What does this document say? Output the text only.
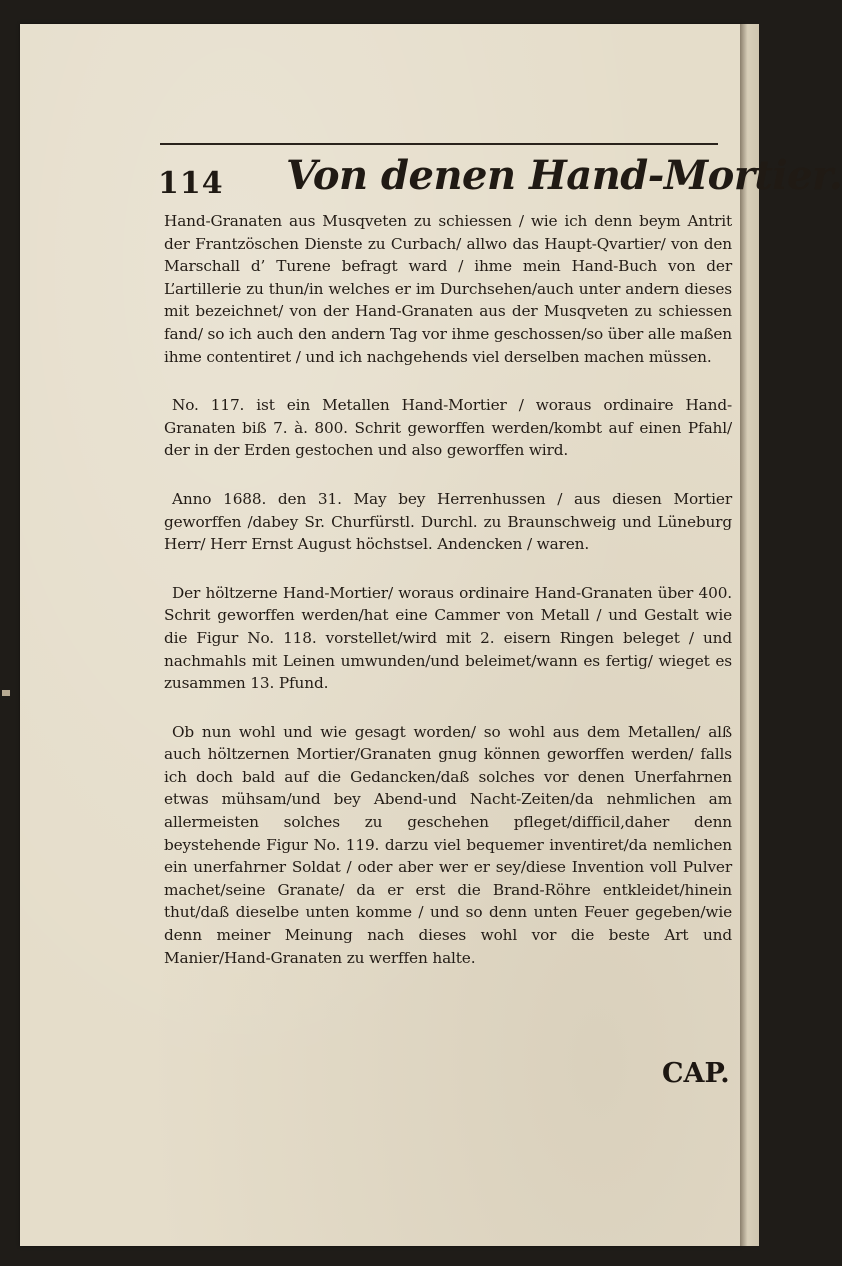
114 Von denen Hand-Mortier.

Hand-Granaten aus Musqveten zu schiessen / wie ich denn beym Antrit der Frantzöschen Dienste zu Curbach/ allwo das Haupt-Qvartier/ von den Marschall d’ Turene befragt ward / ihme mein Hand-Buch von der L’artillerie zu thun/in welches er im Durchsehen/auch unter andern dieses mit bezeichnet/ von der Hand-Granaten aus der Musqveten zu schiessen fand/ so ich auch den andern Tag vor ihme geschossen/so über alle maßen ihme contentiret / und ich nachgehends viel derselben machen müssen.

No. 117. ist ein Metallen Hand-Mortier / woraus ordinaire Hand-Granaten biß 7. à. 800. Schrit geworffen werden/kombt auf einen Pfahl/ der in der Erden gestochen und also geworffen wird.

Anno 1688. den 31. May bey Herrenhussen / aus diesen Mortier geworffen /dabey Sr. Churfürstl. Durchl. zu Braunschweig und Lüneburg Herr/ Herr Ernst August höchstsel. Andencken / waren.

Der höltzerne Hand-Mortier/ woraus ordinaire Hand-Granaten über 400. Schrit geworffen werden/hat eine Cammer von Metall / und Gestalt wie die Figur No. 118. vorstellet/wird mit 2. eisern Ringen beleget / und nachmahls mit Leinen umwunden/und beleimet/wann es fertig/ wieget es zusammen 13. Pfund.

Ob nun wohl und wie gesagt worden/ so wohl aus dem Metallen/ alß auch höltzernen Mortier/Granaten gnug können geworffen werden/ falls ich doch bald auf die Gedancken/daß solches vor denen Unerfahrnen etwas mühsam/und bey Abend-und Nacht-Zeiten/da nehmlichen am allermeisten solches zu geschehen pfleget/difficil,daher denn beystehende Figur No. 119. darzu viel bequemer inventiret/da nemlichen ein unerfahrner Soldat / oder aber wer er sey/diese Invention voll Pulver machet/seine Granate/ da er erst die Brand-Röhre entkleidet/hinein thut/daß dieselbe unten komme / und so denn unten Feuer gegeben/wie denn meiner Meinung nach dieses wohl vor die beste Art und Manier/Hand-Granaten zu werffen halte.

CAP.
